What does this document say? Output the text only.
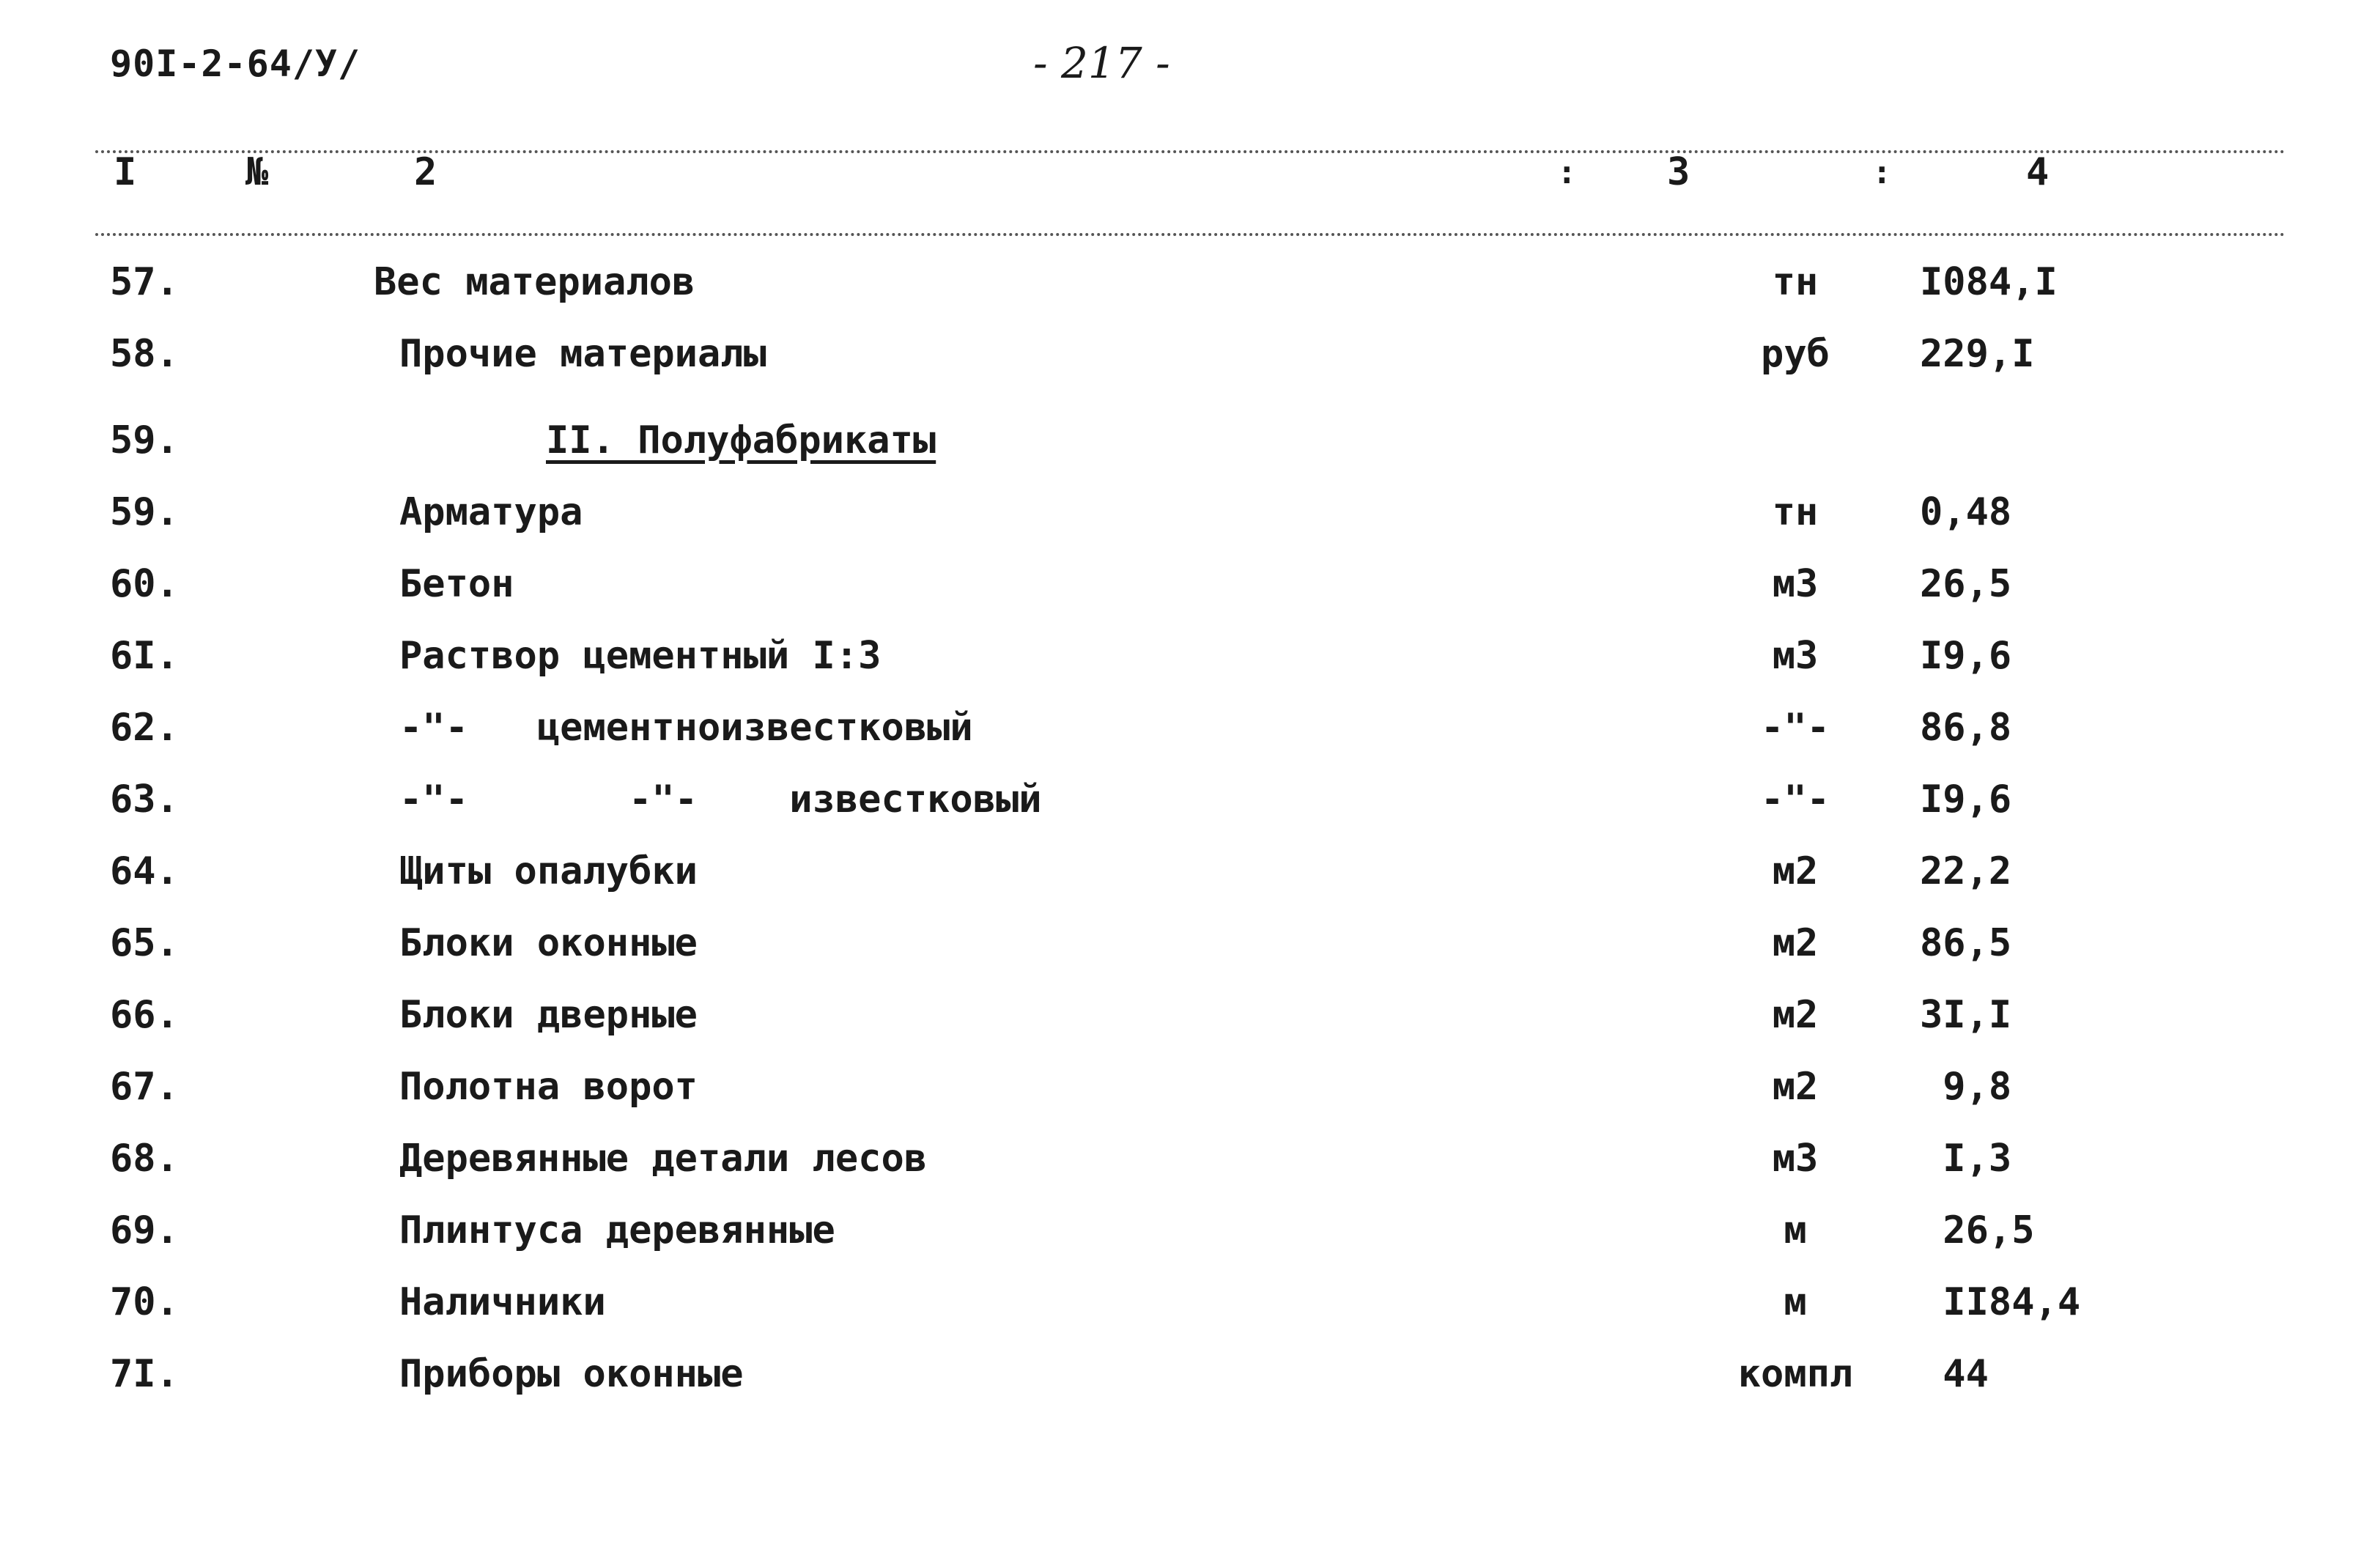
90I-2-64/У/	- 217 -
I	№	2	: 3	:	4
57.	Вес материалов	тн	I084,I
58.	Прочие материалы	руб	229,I
59.	II. Полуфабрикаты
59.	Арматура	тн	0,48
60.	Бетон	м3	26,5
6I.	Раствор цементный I:3	м3	I9,6
62.	-"-   цементноизвестковый	-"-	86,8
63.	-"-       -"-    известковый	-"-	I9,6
64.	Щиты опалубки	м2	22,2
65.	Блоки оконные	м2	86,5
66.	Блоки дверные	м2	3I,I
67.	Полотна ворот	м2	9,8
68.	Деревянные детали лесов	м3	I,3
69.	Плинтуса деревянные	м	26,5
70.	Наличники	м	II84,4
7I.	Приборы оконные	компл	44
